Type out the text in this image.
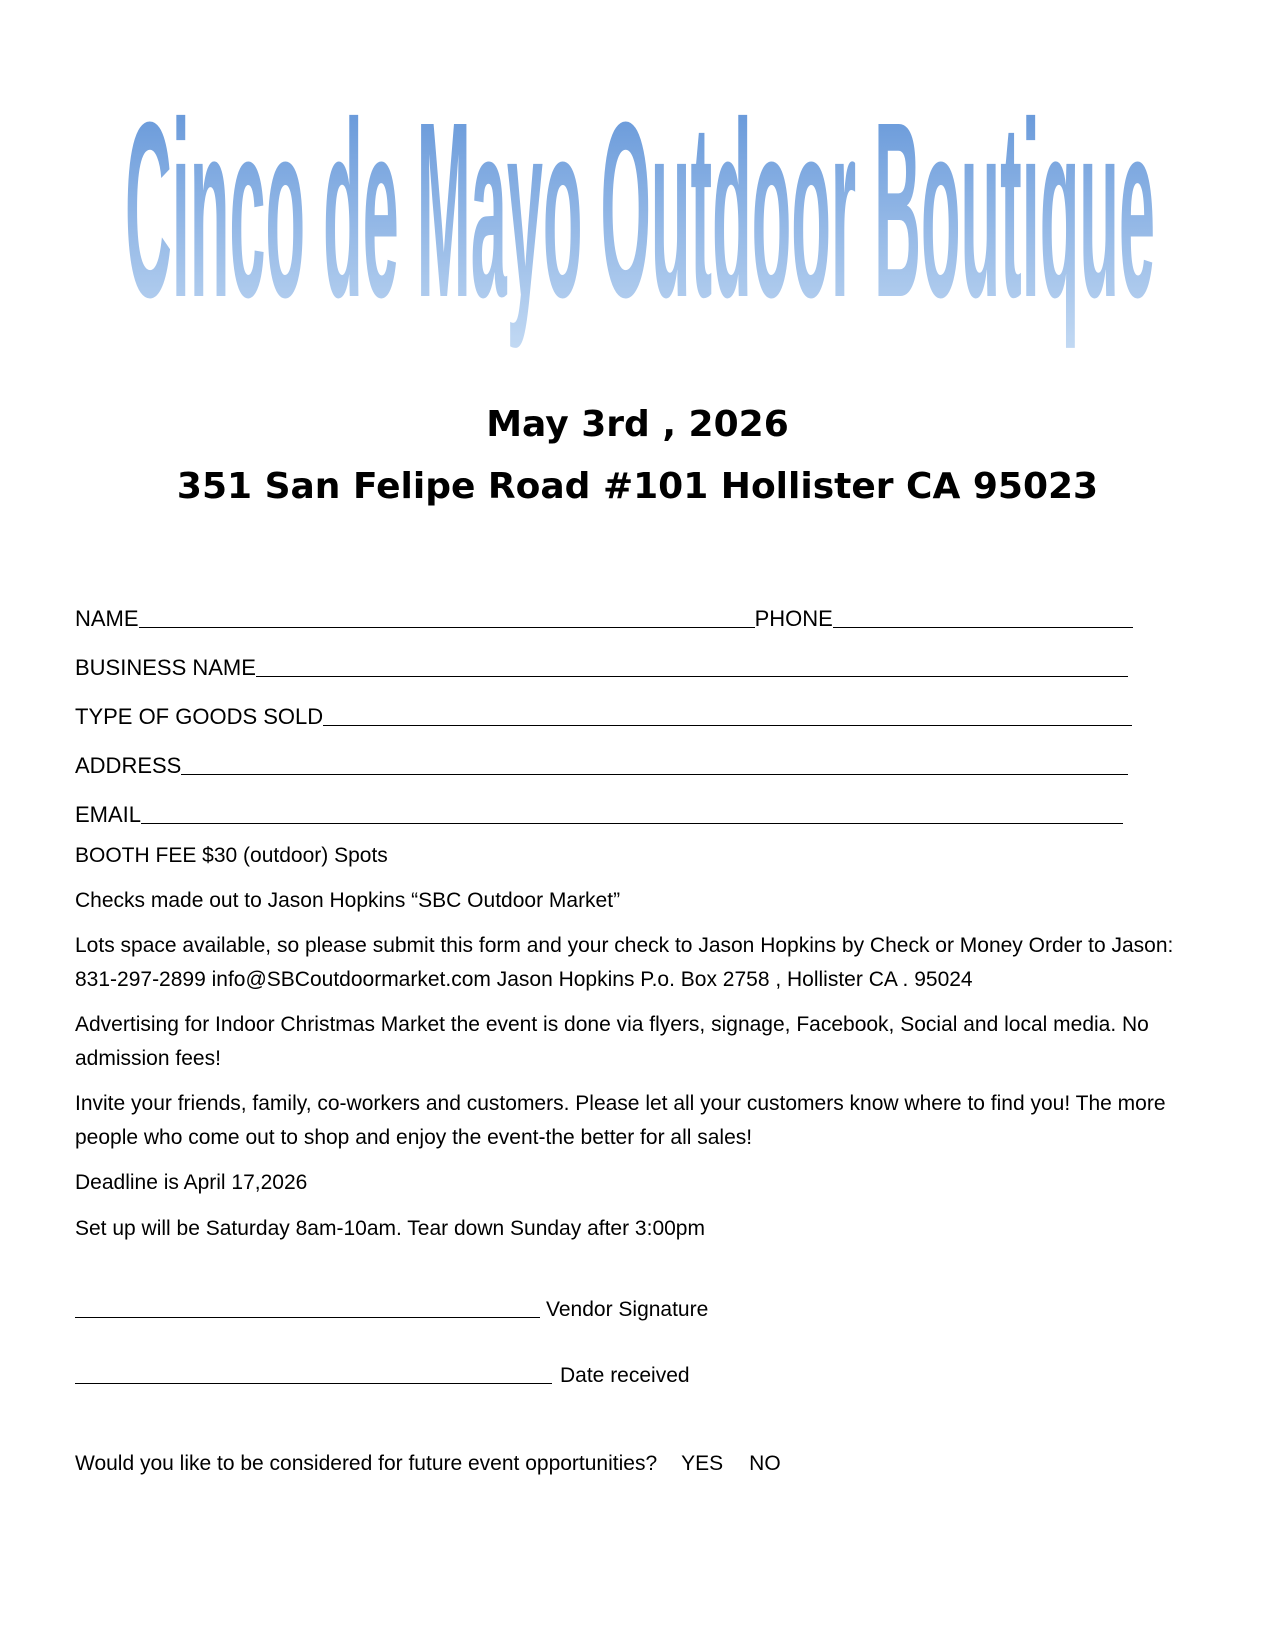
Cinco de Mayo Outdoor Boutique
May 3rd , 2026
351 San Felipe Road #101 Hollister CA 95023
NAME	PHONE
BUSINESS NAME
TYPE OF GOODS SOLD
ADDRESS
EMAIL

BOOTH FEE $30 (outdoor) Spots

Checks made out to Jason Hopkins “SBC Outdoor Market”

Lots space available, so please submit this form and your check to Jason Hopkins by Check or Money Order to Jason:
831-297-2899 info@SBCoutdoormarket.com Jason Hopkins P.o. Box 2758 , Hollister CA . 95024

Advertising for Indoor Christmas Market the event is done via flyers, signage, Facebook, Social and local media. No
admission fees!

Invite your friends, family, co-workers and customers. Please let all your customers know where to find you! The more
people who come out to shop and enjoy the event-the better for all sales!

Deadline is April 17,2026

Set up will be Saturday 8am-10am. Tear down Sunday after 3:00pm

Vendor Signature
Date received
Would you like to be considered for future event opportunities? YES NO
